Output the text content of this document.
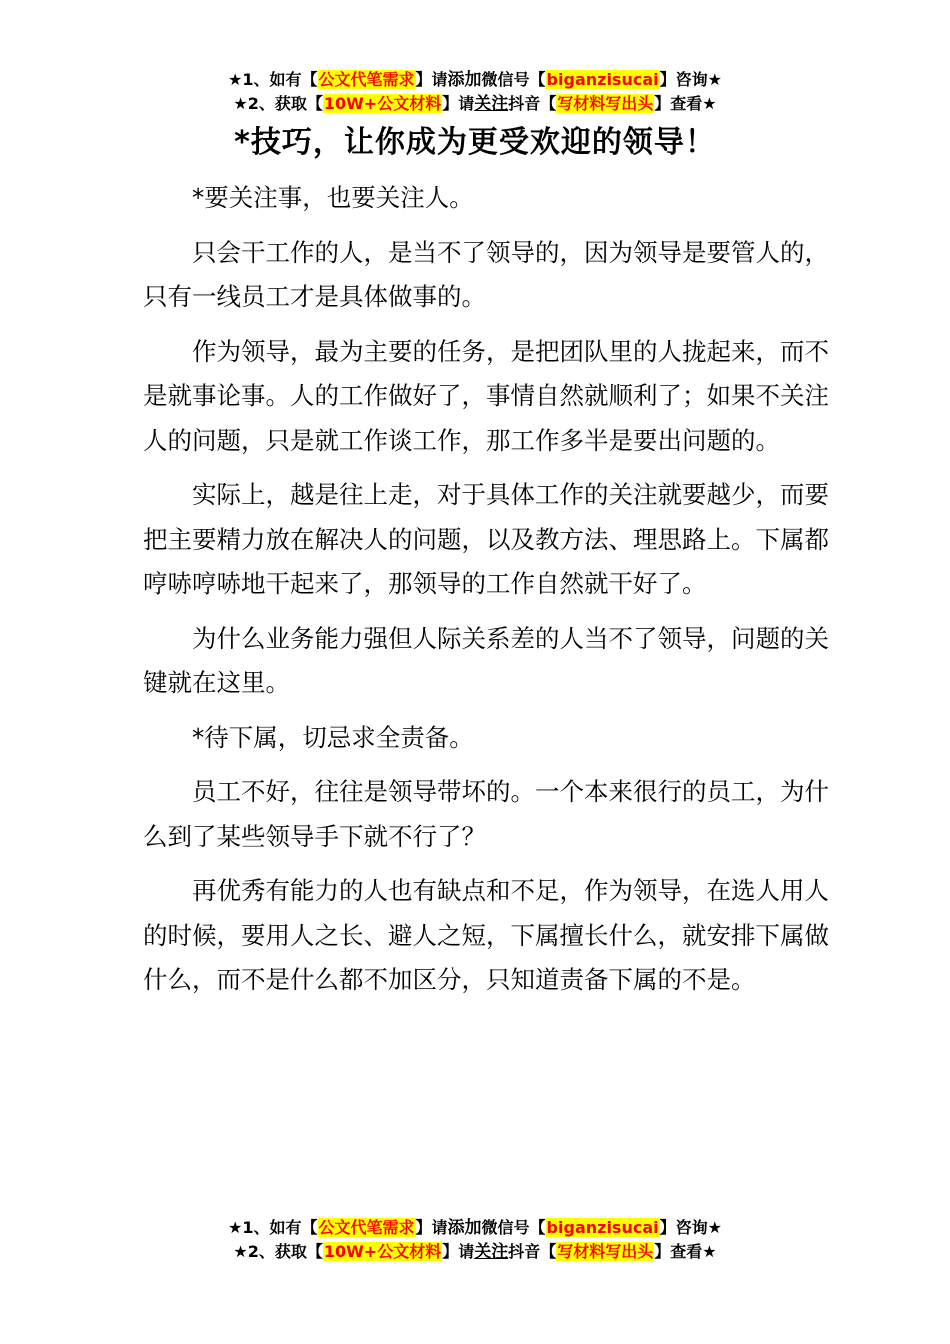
★1、如有【公文代笔需求】请添加微信号【biganzisucai】咨询★
★2、获取【10W+公文材料】请关注抖音【写材料写出头】查看★
*技巧，让你成为更受欢迎的领导！

*要关注事，也要关注人。

只会干工作的人，是当不了领导的，因为领导是要管人的，只有一线员工才是具体做事的。

作为领导，最为主要的任务，是把团队里的人拢起来，而不是就事论事。人的工作做好了，事情自然就顺利了；如果不关注人的问题，只是就工作谈工作，那工作多半是要出问题的。

实际上，越是往上走，对于具体工作的关注就要越少，而要把主要精力放在解决人的问题，以及教方法、理思路上。下属都哼哧哼哧地干起来了，那领导的工作自然就干好了。

为什么业务能力强但人际关系差的人当不了领导，问题的关键就在这里。

*待下属，切忌求全责备。

员工不好，往往是领导带坏的。一个本来很行的员工，为什么到了某些领导手下就不行了？

再优秀有能力的人也有缺点和不足，作为领导，在选人用人的时候，要用人之长、避人之短，下属擅长什么，就安排下属做什么，而不是什么都不加区分，只知道责备下属的不是。

★1、如有【公文代笔需求】请添加微信号【biganzisucai】咨询★
★2、获取【10W+公文材料】请关注抖音【写材料写出头】查看★
